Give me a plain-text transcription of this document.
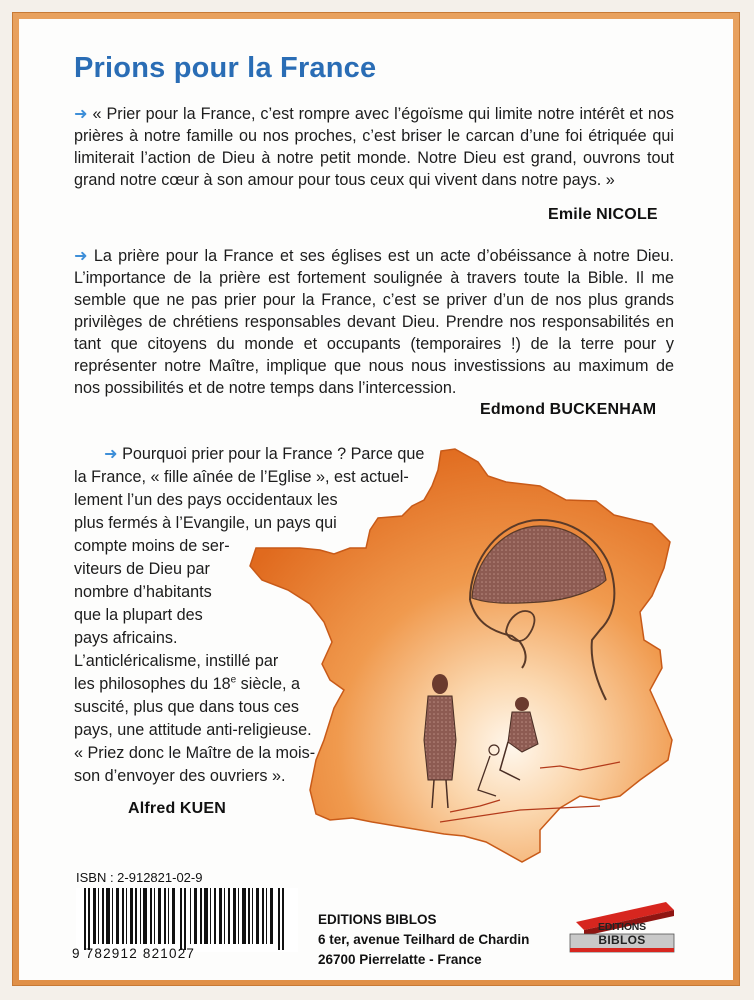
Prions pour la France

➜ « Prier pour la France, c’est rompre avec l’égoïsme qui limite notre intérêt et nos prières à notre famille ou nos proches, c’est briser le carcan d’une foi étriquée qui limiterait l’action de Dieu à notre petit monde. Notre Dieu est grand, ouvrons tout grand notre cœur à son amour pour tous ceux qui vivent dans notre pays. »

Emile NICOLE

➜ La prière pour la France et ses églises est un acte d’obéissance à notre Dieu. L’importance de la prière est fortement soulignée à travers toute la Bible. Il me semble que ne pas prier pour la France, c’est se priver d’un de nos plus grands privilèges de chrétiens responsables devant Dieu. Prendre nos responsabilités en tant que citoyens du monde et occupants (temporaires !) de la terre pour y représenter notre Maître, implique que nous nous investissions au maximum de nos possibilités et de notre temps dans l’intercession.

Edmond BUCKENHAM

➜ Pourquoi prier pour la France ? Parce que
la France, « fille aînée de l’Eglise », est actuel-
lement l’un des pays occidentaux les
plus fermés à l’Evangile, un pays qui
compte moins de ser-
viteurs de Dieu par
nombre d’habitants
que la plupart des
pays africains.
L’anticléricalisme, instillé par
les philosophes du 18e siècle, a
suscité, plus que dans tous ces
pays, une attitude anti-religieuse.
« Priez donc le Maître de la mois-
son d’envoyer des ouvriers ».

Alfred KUEN

ISBN : 2-912821-02-9
9 782912 821027
EDITIONS BIBLOS
6 ter, avenue Teilhard de Chardin
26700 Pierrelatte - France
EDITIONS
BIBLOS
